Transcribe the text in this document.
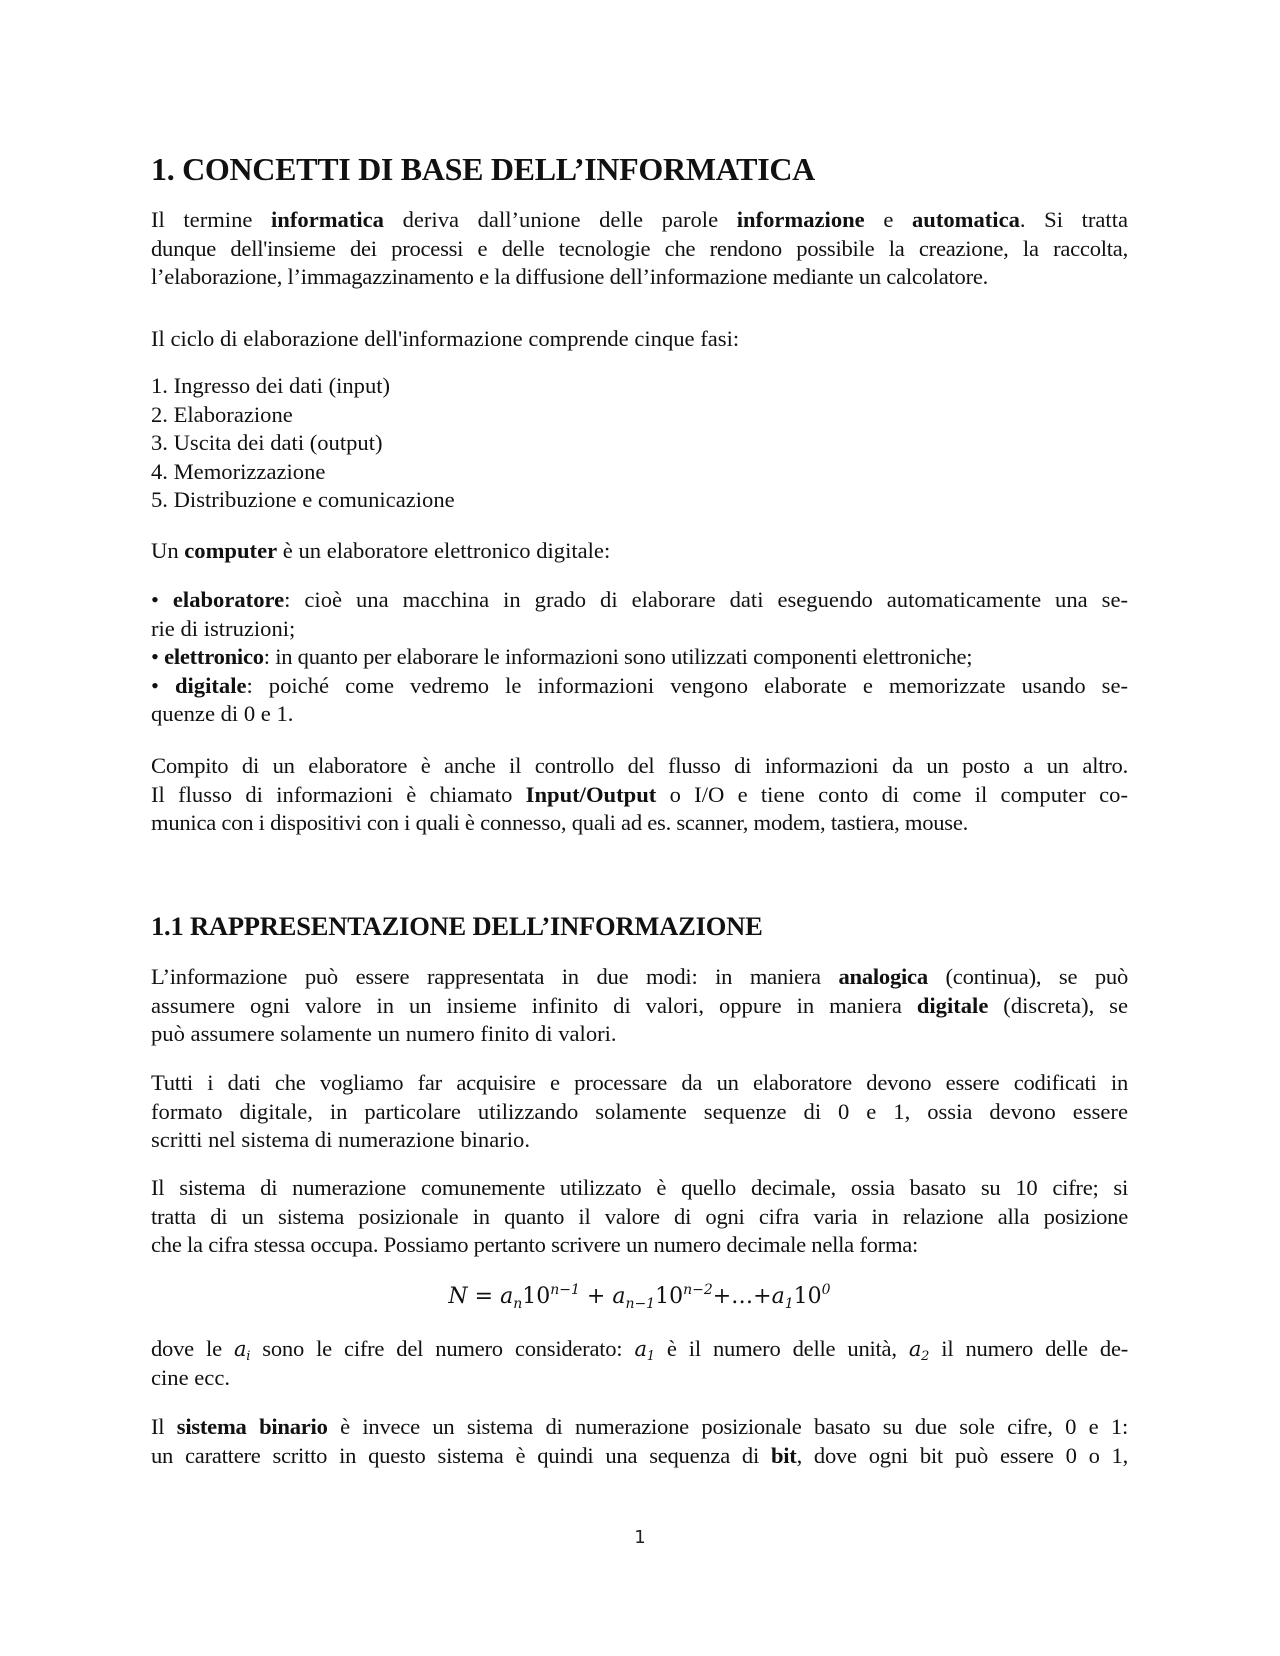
1. CONCETTI DI BASE DELL’INFORMATICA
Il termine informatica deriva dall’unione delle parole informazione e automatica. Si tratta
dunque dell'insieme dei processi e delle tecnologie che rendono possibile la creazione, la raccolta,
l’elaborazione, l’immagazzinamento e la diffusione dell’informazione mediante un calcolatore.
Il ciclo di elaborazione dell'informazione comprende cinque fasi:
1. Ingresso dei dati (input)
2. Elaborazione
3. Uscita dei dati (output)
4. Memorizzazione
5. Distribuzione e comunicazione
Un computer è un elaboratore elettronico digitale:
• elaboratore: cioè una macchina in grado di elaborare dati eseguendo automaticamente una se-
rie di istruzioni;
• elettronico: in quanto per elaborare le informazioni sono utilizzati componenti elettroniche;
• digitale: poiché come vedremo le informazioni vengono elaborate e memorizzate usando se-
quenze di 0 e 1.
Compito di un elaboratore è anche il controllo del flusso di informazioni da un posto a un altro.
Il flusso di informazioni è chiamato Input/Output o I/O e tiene conto di come il computer co-
munica con i dispositivi con i quali è connesso, quali ad es. scanner, modem, tastiera, mouse.
1.1 RAPPRESENTAZIONE DELL’INFORMAZIONE
L’informazione può essere rappresentata in due modi: in maniera analogica (continua), se può
assumere ogni valore in un insieme infinito di valori, oppure in maniera digitale (discreta), se
può assumere solamente un numero finito di valori.
Tutti i dati che vogliamo far acquisire e processare da un elaboratore devono essere codificati in
formato digitale, in particolare utilizzando solamente sequenze di 0 e 1, ossia devono essere
scritti nel sistema di numerazione binario.
Il sistema di numerazione comunemente utilizzato è quello decimale, ossia basato su 10 cifre; si
tratta di un sistema posizionale in quanto il valore di ogni cifra varia in relazione alla posizione
che la cifra stessa occupa. Possiamo pertanto scrivere un numero decimale nella forma:
$N = a_n10^{n-1}$ + $a_{n-1}10^{n-2}+\dots+a_110^0$
dove le $a_i$ sono le cifre del numero considerato: $a_1$ è il numero delle unità, $a_2$ il numero delle de-
cine ecc.
Il sistema binario è invece un sistema di numerazione posizionale basato su due sole cifre, 0 e 1:
un carattere scritto in questo sistema è quindi una sequenza di bit, dove ogni bit può essere 0 o 1,
1
